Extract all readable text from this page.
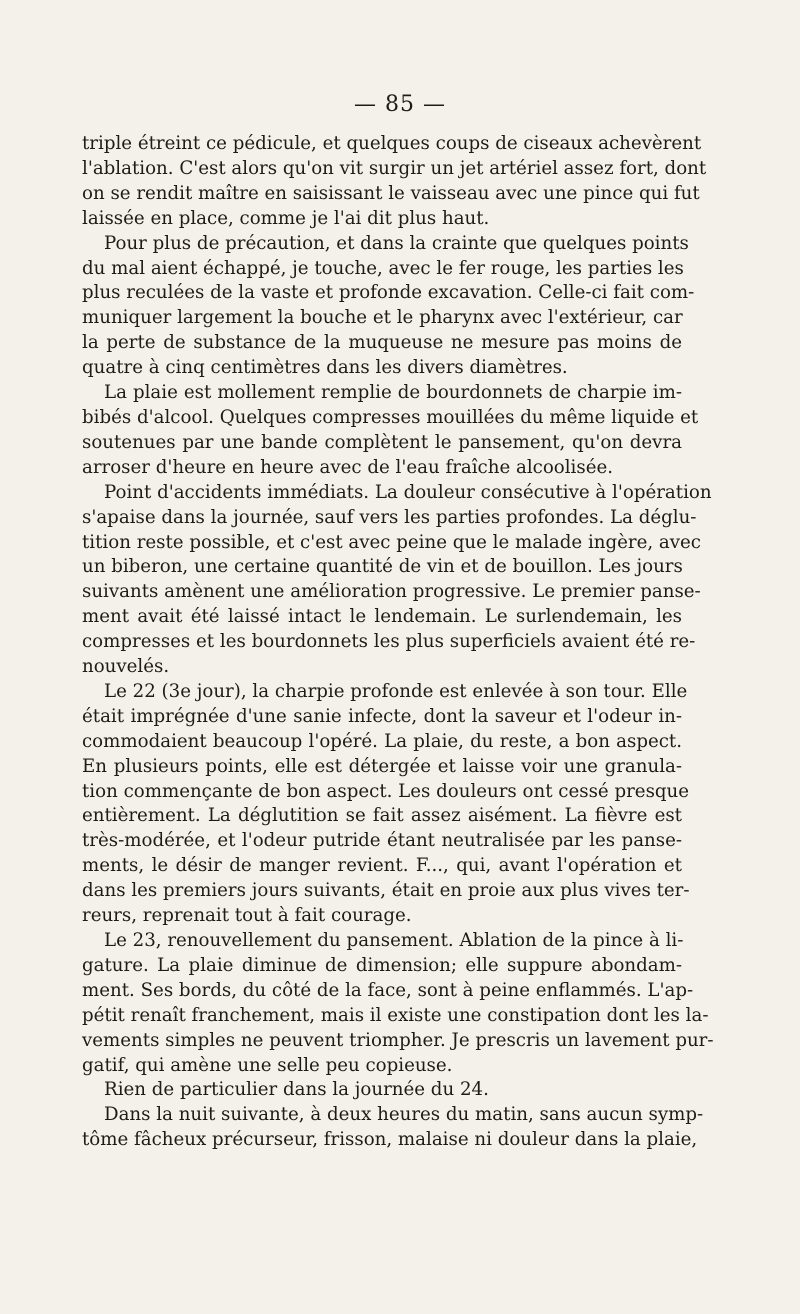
— 85 —
triple étreint ce pédicule, et quelques coups de ciseaux achevèrent
l'ablation. C'est alors qu'on vit surgir un jet artériel assez fort, dont
on se rendit maître en saisissant le vaisseau avec une pince qui fut
laissée en place, comme je l'ai dit plus haut.
Pour plus de précaution, et dans la crainte que quelques points
du mal aient échappé, je touche, avec le fer rouge, les parties les
plus reculées de la vaste et profonde excavation. Celle-ci fait com-
muniquer largement la bouche et le pharynx avec l'extérieur, car
la perte de substance de la muqueuse ne mesure pas moins de
quatre à cinq centimètres dans les divers diamètres.
La plaie est mollement remplie de bourdonnets de charpie im-
bibés d'alcool. Quelques compresses mouillées du même liquide et
soutenues par une bande complètent le pansement, qu'on devra
arroser d'heure en heure avec de l'eau fraîche alcoolisée.
Point d'accidents immédiats. La douleur consécutive à l'opération
s'apaise dans la journée, sauf vers les parties profondes. La déglu-
tition reste possible, et c'est avec peine que le malade ingère, avec
un biberon, une certaine quantité de vin et de bouillon. Les jours
suivants amènent une amélioration progressive. Le premier panse-
ment avait été laissé intact le lendemain. Le surlendemain, les
compresses et les bourdonnets les plus superficiels avaient été re-
nouvelés.
Le 22 (3e jour), la charpie profonde est enlevée à son tour. Elle
était imprégnée d'une sanie infecte, dont la saveur et l'odeur in-
commodaient beaucoup l'opéré. La plaie, du reste, a bon aspect.
En plusieurs points, elle est détergée et laisse voir une granula-
tion commençante de bon aspect. Les douleurs ont cessé presque
entièrement. La déglutition se fait assez aisément. La fièvre est
très-modérée, et l'odeur putride étant neutralisée par les panse-
ments, le désir de manger revient. F..., qui, avant l'opération et
dans les premiers jours suivants, était en proie aux plus vives ter-
reurs, reprenait tout à fait courage.
Le 23, renouvellement du pansement. Ablation de la pince à li-
gature. La plaie diminue de dimension; elle suppure abondam-
ment. Ses bords, du côté de la face, sont à peine enflammés. L'ap-
pétit renaît franchement, mais il existe une constipation dont les la-
vements simples ne peuvent triompher. Je prescris un lavement pur-
gatif, qui amène une selle peu copieuse.
Rien de particulier dans la journée du 24.
Dans la nuit suivante, à deux heures du matin, sans aucun symp-
tôme fâcheux précurseur, frisson, malaise ni douleur dans la plaie,
